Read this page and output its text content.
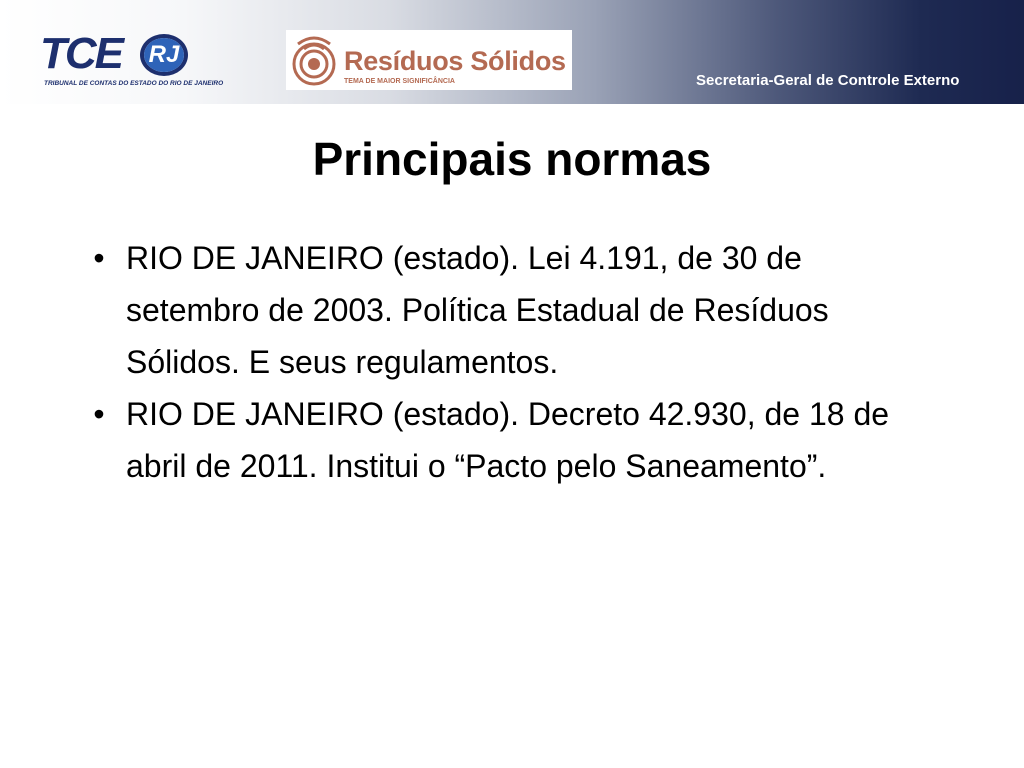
TCE RJ
TRIBUNAL DE CONTAS DO ESTADO DO RIO DE JANEIRO
Resíduos Sólidos
TEMA DE MAIOR SIGNIFICÂNCIA	Secretaria-Geral de Controle Externo
Principais normas
• RIO DE JANEIRO (estado). Lei 4.191, de 30 de setembro de 2003. Política Estadual de Resíduos Sólidos. E seus regulamentos.
• RIO DE JANEIRO (estado). Decreto 42.930, de 18 de abril de 2011. Institui o “Pacto pelo Saneamento”.
